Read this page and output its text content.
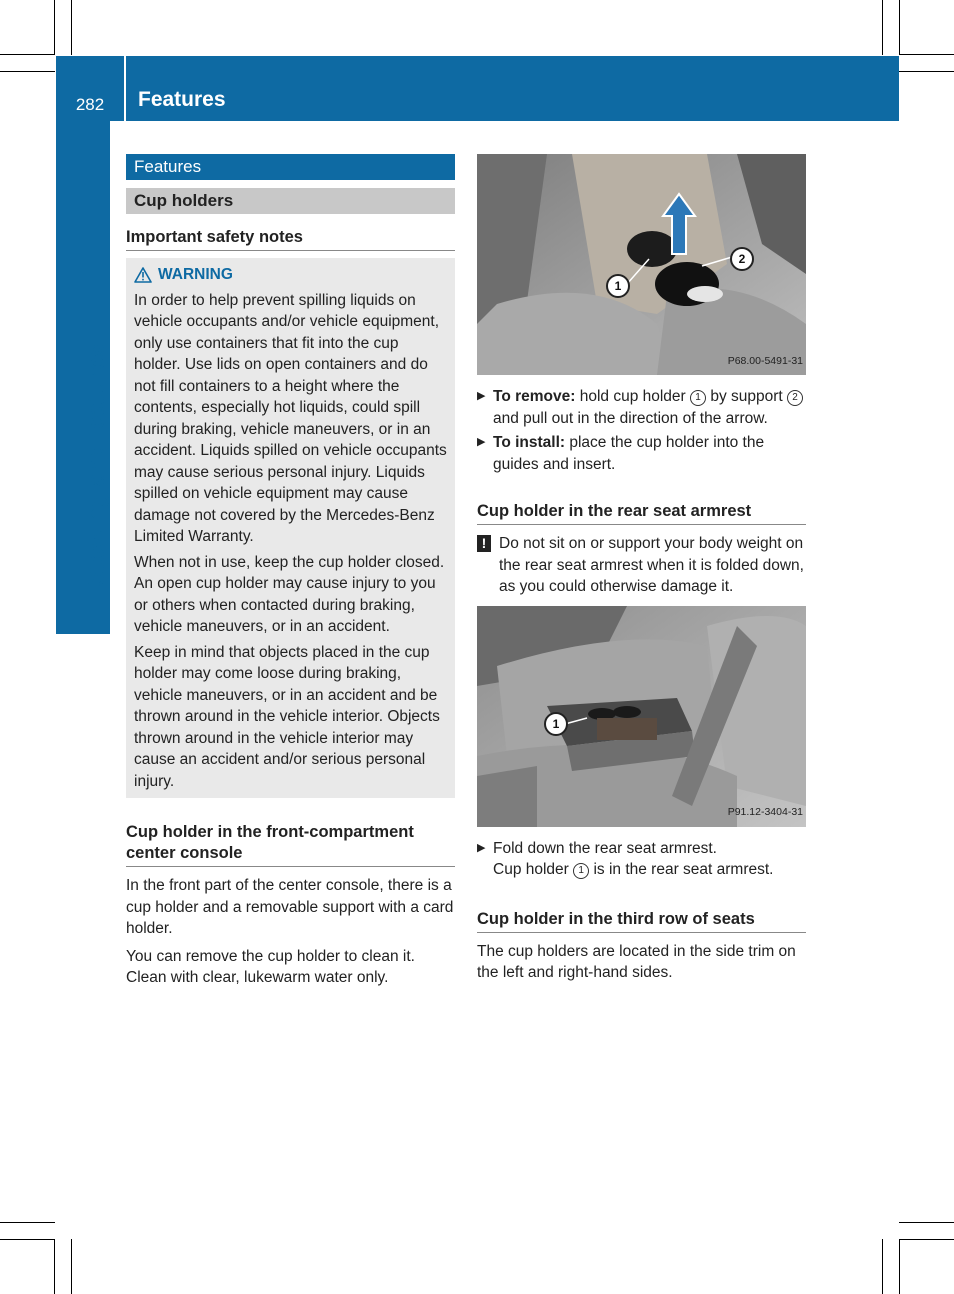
282	Features
Stowing and features
Features
Cup holders
Important safety notes
WARNING

In order to help prevent spilling liquids on vehicle occupants and/or vehicle equipment, only use containers that fit into the cup holder. Use lids on open containers and do not fill containers to a height where the contents, especially hot liquids, could spill during braking, vehicle maneuvers, or in an accident. Liquids spilled on vehicle occupants may cause serious personal injury. Liquids spilled on vehicle equipment may cause damage not covered by the Mercedes-Benz Limited Warranty.

When not in use, keep the cup holder closed. An open cup holder may cause injury to you or others when contacted during braking, vehicle maneuvers, or in an accident.

Keep in mind that objects placed in the cup holder may come loose during braking, vehicle maneuvers, or in an accident and be thrown around in the vehicle interior. Objects thrown around in the vehicle interior may cause an accident and/or serious personal injury.

Cup holder in the front-compartment center console

In the front part of the center console, there is a cup holder and a removable support with a card holder.

You can remove the cup holder to clean it. Clean with clear, lukewarm water only.

1
2
P68.00-5491-31
▶ To remove: hold cup holder 1 by support 2 and pull out in the direction of the arrow.
▶ To install: place the cup holder into the guides and insert.
Cup holder in the rear seat armrest
! Do not sit on or support your body weight on the rear seat armrest when it is folded down, as you could otherwise damage it.
1
P91.12-3404-31
▶ Fold down the rear seat armrest.
Cup holder 1 is in the rear seat armrest.
Cup holder in the third row of seats

The cup holders are located in the side trim on the left and right-hand sides.
